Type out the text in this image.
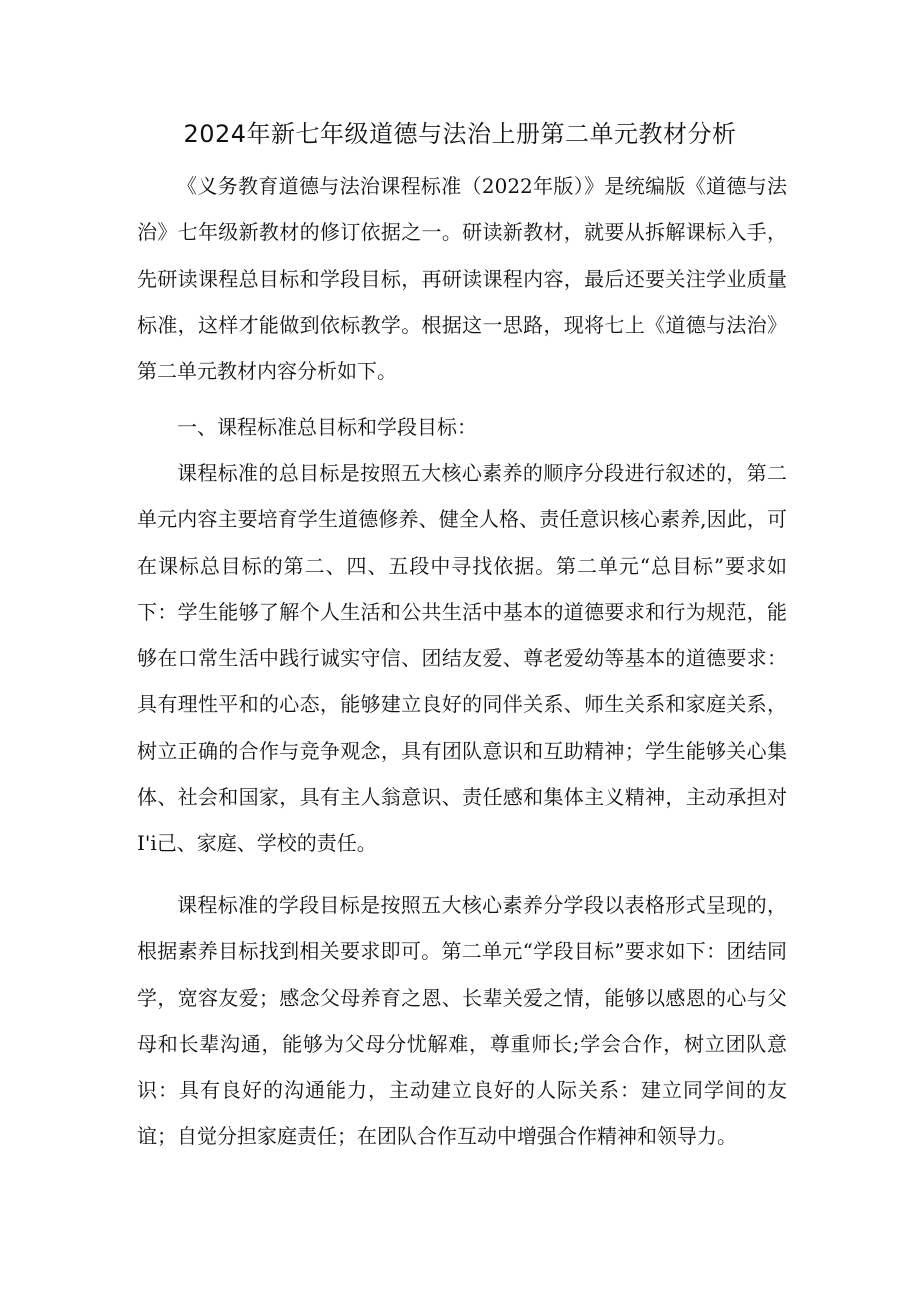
2024年新七年级道德与法治上册第二单元教材分析

《义务教育道德与法治课程标准（2022年版）》是统编版《道德与法治》七年级新教材的修订依据之一。研读新教材，就要从拆解课标入手，先研读课程总目标和学段目标，再研读课程内容，最后还要关注学业质量标准，这样才能做到依标教学。根据这一思路，现将七上《道德与法治》第二单元教材内容分析如下。

一、课程标准总目标和学段目标：

课程标准的总目标是按照五大核心素养的顺序分段进行叙述的，第二单元内容主要培育学生道德修养、健全人格、责任意识核心素养,因此，可在课标总目标的第二、四、五段中寻找依据。第二单元“总目标”要求如下：学生能够了解个人生活和公共生活中基本的道德要求和行为规范，能够在口常生活中践行诚实守信、团结友爱、尊老爱幼等基本的道德要求：具有理性平和的心态，能够建立良好的同伴关系、师生关系和家庭关系，树立正确的合作与竞争观念，具有团队意识和互助精神；学生能够关心集体、社会和国家，具有主人翁意识、责任感和集体主义精神，主动承担对I'i己、家庭、学校的责任。

课程标准的学段目标是按照五大核心素养分学段以表格形式呈现的，根据素养目标找到相关要求即可。第二单元“学段目标”要求如下：团结同学，宽容友爱；感念父母养育之恩、长辈关爱之情，能够以感恩的心与父母和长辈沟通，能够为父母分忧解难，尊重师长;学会合作，树立团队意识：具有良好的沟通能力，主动建立良好的人际关系：建立同学间的友谊；自觉分担家庭责任；在团队合作互动中增强合作精神和领导力。
